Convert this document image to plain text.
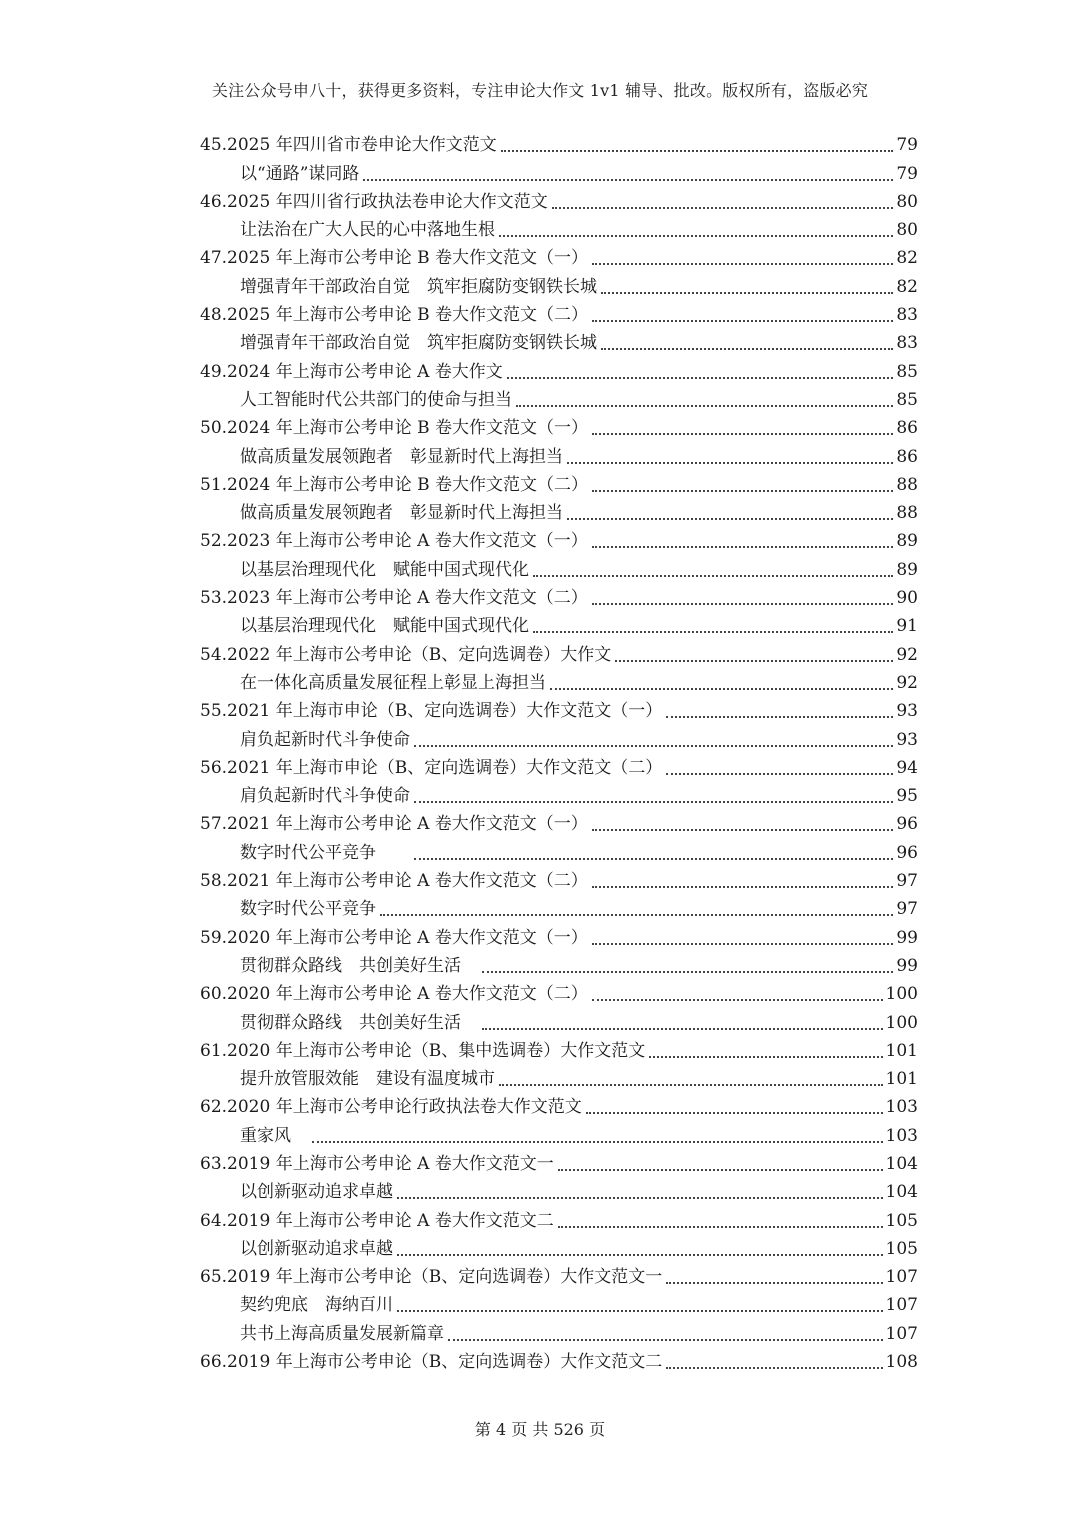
关注公众号申八十，获得更多资料，专注申论大作文 1v1 辅导、批改。版权所有，盗版必究
45.2025 年四川省市卷申论大作文范文	79
以“通路”谋同路	79
46.2025 年四川省行政执法卷申论大作文范文	80
让法治在广大人民的心中落地生根	80
47.2025 年上海市公考申论 B 卷大作文范文（一）	82
增强青年干部政治自觉　筑牢拒腐防变钢铁长城	82
48.2025 年上海市公考申论 B 卷大作文范文（二）	83
增强青年干部政治自觉　筑牢拒腐防变钢铁长城	83
49.2024 年上海市公考申论 A 卷大作文	85
人工智能时代公共部门的使命与担当	85
50.2024 年上海市公考申论 B 卷大作文范文（一）	86
做高质量发展领跑者　彰显新时代上海担当	86
51.2024 年上海市公考申论 B 卷大作文范文（二）	88
做高质量发展领跑者　彰显新时代上海担当	88
52.2023 年上海市公考申论 A 卷大作文范文（一）	89
以基层治理现代化　赋能中国式现代化	89
53.2023 年上海市公考申论 A 卷大作文范文（二）	90
以基层治理现代化　赋能中国式现代化	91
54.2022 年上海市公考申论（B、定向选调卷）大作文	92
在一体化高质量发展征程上彰显上海担当	92
55.2021 年上海市申论（B、定向选调卷）大作文范文（一）	93
肩负起新时代斗争使命	93
56.2021 年上海市申论（B、定向选调卷）大作文范文（二）	94
肩负起新时代斗争使命	95
57.2021 年上海市公考申论 A 卷大作文范文（一）	96
数字时代公平竞争　　	96
58.2021 年上海市公考申论 A 卷大作文范文（二）	97
数字时代公平竞争	97
59.2020 年上海市公考申论 A 卷大作文范文（一）	99
贯彻群众路线　共创美好生活　	99
60.2020 年上海市公考申论 A 卷大作文范文（二）	100
贯彻群众路线　共创美好生活　	100
61.2020 年上海市公考申论（B、集中选调卷）大作文范文	101
提升放管服效能　建设有温度城市	101
62.2020 年上海市公考申论行政执法卷大作文范文	103
重家风　	103
63.2019 年上海市公考申论 A 卷大作文范文一	104
以创新驱动追求卓越	104
64.2019 年上海市公考申论 A 卷大作文范文二	105
以创新驱动追求卓越	105
65.2019 年上海市公考申论（B、定向选调卷）大作文范文一	107
契约兜底　海纳百川	107
共书上海高质量发展新篇章	107
66.2019 年上海市公考申论（B、定向选调卷）大作文范文二	108
第 4 页 共 526 页
